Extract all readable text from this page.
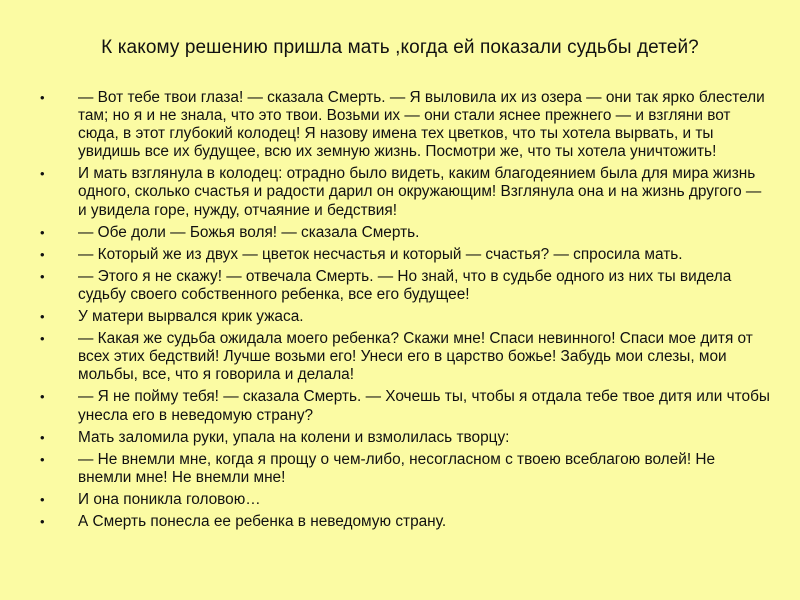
К какому решению пришла мать ,когда ей показали судьбы детей?
• — Вот тебе твои глаза! — сказала Смерть. — Я выловила их из озера — они так ярко блестели там; но я и не знала, что это твои. Возьми их — они стали яснее прежнего — и взгляни вот сюда, в этот глубокий колодец! Я назову имена тех цветков, что ты хотела вырвать, и ты увидишь все их будущее, всю их земную жизнь. Посмотри же, что ты хотела уничтожить!
• И мать взглянула в колодец: отрадно было видеть, каким благодеянием была для мира жизнь одного, сколько счастья и радости дарил он окружающим! Взглянула она и на жизнь другого — и увидела горе, нужду, отчаяние и бедствия!
• — Обе доли — Божья воля! — сказала Смерть.
• — Который же из двух — цветок несчастья и который — счастья? — спросила мать.
• — Этого я не скажу! — отвечала Смерть. — Но знай, что в судьбе одного из них ты видела судьбу своего собственного ребенка, все его будущее!
• У матери вырвался крик ужаса.
• — Какая же судьба ожидала моего ребенка? Скажи мне! Спаси невинного! Спаси мое дитя от всех этих бедствий! Лучше возьми его! Унеси его в царство божье! Забудь мои слезы, мои мольбы, все, что я говорила и делала!
• — Я не пойму тебя! — сказала Смерть. — Хочешь ты, чтобы я отдала тебе твое дитя или чтобы унесла его в неведомую страну?
• Мать заломила руки, упала на колени и взмолилась творцу:
• — Не внемли мне, когда я прощу о чем-либо, несогласном с твоею всеблагою волей! Не внемли мне! Не внемли мне!
• И она поникла головою…
• А Смерть понесла ее ребенка в неведомую страну.
